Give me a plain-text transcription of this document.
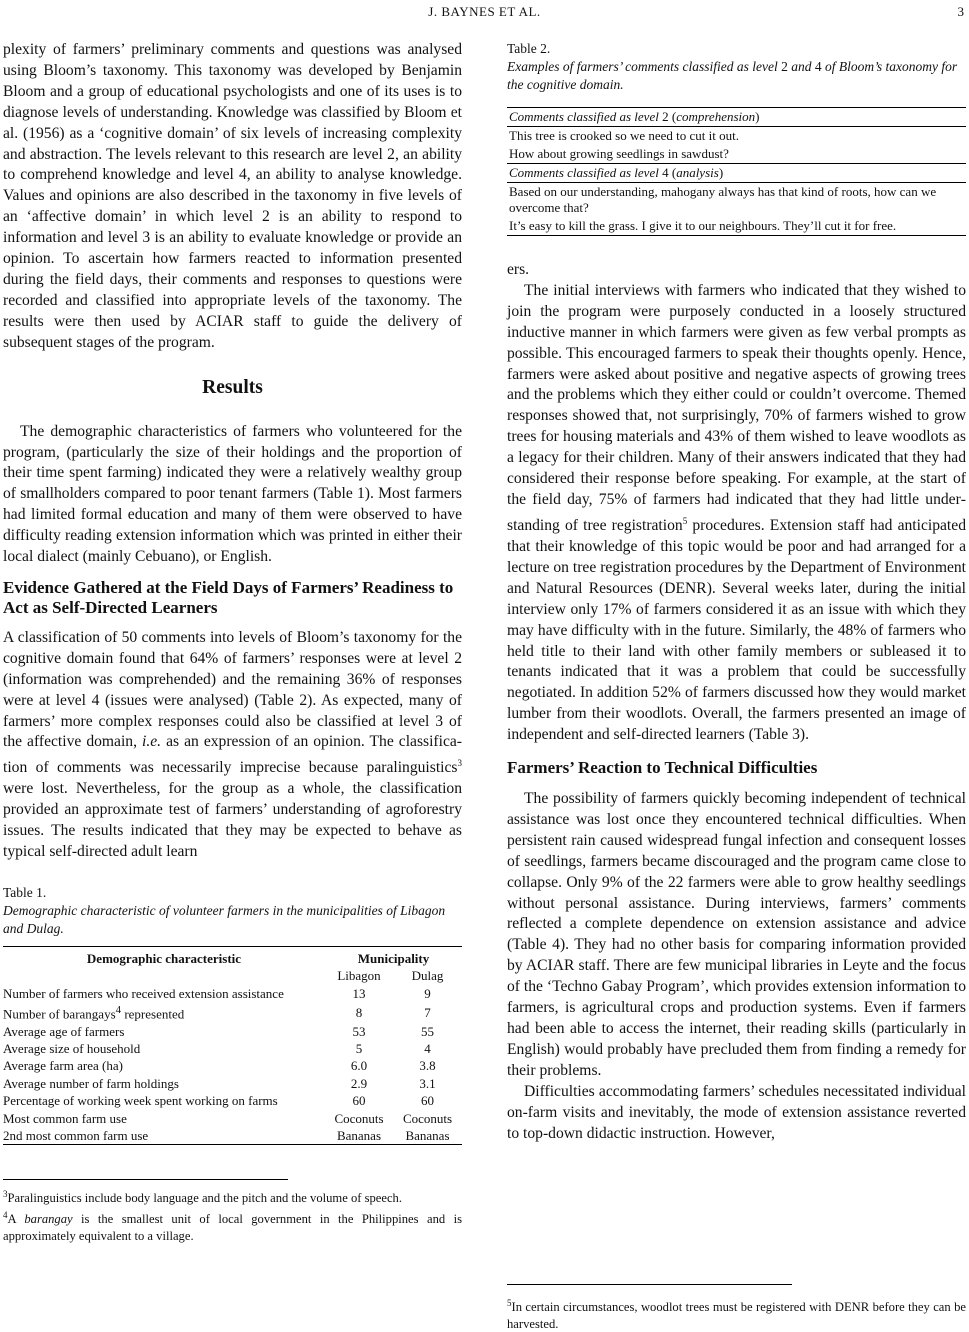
J. BAYNES ET AL.	3

plexity of farmers’ preliminary comments and questions was analysed using Bloom’s taxonomy. This taxonomy was developed by Benjamin Bloom and a group of educational psychologists and one of its uses is to diagnose levels of understanding. Knowledge was classified by Bloom et al. (1956) as a ‘cognitive domain’ of six levels of increasing complexity and abstraction. The levels relevant to this research are level 2, an ability to comprehend knowledge and level 4, an ability to analyse knowledge. Values and opinions are also described in the taxonomy in five levels of an ‘affective domain’ in which level 2 is an ability to respond to information and level 3 is an ability to evaluate knowledge or provide an opinion. To ascertain how farmers reacted to information presented during the field days, their comments and responses to questions were recorded and classified into appropriate levels of the taxonomy. The results were then used by ACIAR staff to guide the delivery of subsequent stages of the program.

Results

The demographic characteristics of farmers who volunteered for the program, (particularly the size of their holdings and the proportion of their time spent farming) indicated they were a relatively wealthy group of smallholders compared to poor tenant farmers (Table 1). Most farmers had limited formal education and many of them were observed to have difficulty reading extension information which was printed in either their local dialect (mainly Cebuano), or English.

Evidence Gathered at the Field Days of Farmers’ Readiness to Act as Self-Directed Learners

A classification of 50 comments into levels of Bloom’s taxonomy for the cognitive domain found that 64% of farmers’ responses were at level 2 (information was comprehended) and the remaining 36% of responses were at level 4 (issues were analysed) (Table 2). As expected, many of farmers’ more complex responses could also be classified at level 3 of the affective domain, i.e. as an expression of an opinion. The classification of comments was necessarily imprecise because paralinguistics$^3$ were lost. Nevertheless, for the group as a whole, the classification provided an approximate test of farmers’ understanding of agroforestry issues. The results indicated that they may be expected to behave as typical self-directed adult learn

Table 1.
Demographic characteristic of volunteer farmers in the municipalities of Libagon and Dulag.
Demographic characteristic	Municipality	
	Libagon	Dulag
Number of farmers who received extension assistance	13	9
Number of barangays$^4$ represented	8	7
Average age of farmers	53	55
Average size of household	5	4
Average farm area (ha)	6.0	3.8
Average number of farm holdings	2.9	3.1
Percentage of working week spent working on farms	60	60
Most common farm use	Coconuts	Coconuts
2nd most common farm use	Bananas	Bananas
$^3$Paralinguistics include body language and the pitch and the volume of speech.
$^4$A barangay is the smallest unit of local government in the Philippines and is approximately equivalent to a village.
Table 2.
Examples of farmers’ comments classified as level 2 and 4 of Bloom’s taxonomy for the cognitive domain.
Comments classified as level 2 (comprehension)
This tree is crooked so we need to cut it out.
How about growing seedlings in sawdust?
Comments classified as level 4 (analysis)
Based on our understanding, mahogany always has that kind of roots, how can we overcome that?
It’s easy to kill the grass. I give it to our neighbours. They’ll cut it for free.

ers.

The initial interviews with farmers who indicated that they wished to join the program were purposely conducted in a loosely structured inductive manner in which farmers were given as few verbal prompts as possible. This encouraged farmers to speak their thoughts openly. Hence, farmers were asked about positive and negative aspects of growing trees and the problems which they either could or couldn’t overcome. Themed responses showed that, not surprisingly, 70% of farmers wished to grow trees for housing materials and 43% of them wished to leave woodlots as a legacy for their children. Many of their answers indicated that they had considered their response before speaking. For example, at the start of the field day, 75% of farmers had indicated that they had little understanding of tree registration$^5$ procedures. Extension staff had anticipated that their knowledge of this topic would be poor and had arranged for a lecture on tree registration procedures by the Department of Environment and Natural Resources (DENR). Several weeks later, during the initial interview only 17% of farmers considered it as an issue with which they may have difficulty with in the future. Similarly, the 48% of farmers who held title to their land with other family members or subleased it to tenants indicated that it was a problem that could be successfully negotiated. In addition 52% of farmers discussed how they would market lumber from their woodlots. Overall, the farmers presented an image of independent and self-directed learners (Table 3).

Farmers’ Reaction to Technical Difficulties

The possibility of farmers quickly becoming independent of technical assistance was lost once they encountered technical difficulties. When persistent rain caused widespread fungal infection and consequent losses of seedlings, farmers became discouraged and the program came close to collapse. Only 9% of the 22 farmers were able to grow healthy seedlings without personal assistance. During interviews, farmers’ comments reflected a complete dependence on extension assistance and advice (Table 4). They had no other basis for comparing information provided by ACIAR staff. There are few municipal libraries in Leyte and the focus of the ‘Techno Gabay Program’, which provides extension information to farmers, is agricultural crops and production systems. Even if farmers had been able to access the internet, their reading skills (particularly in English) would probably have precluded them from finding a remedy for their problems.

Difficulties accommodating farmers’ schedules necessitated individual on-farm visits and inevitably, the mode of extension assistance reverted to top-down didactic instruction. However,

$^5$In certain circumstances, woodlot trees must be registered with DENR before they can be harvested.
